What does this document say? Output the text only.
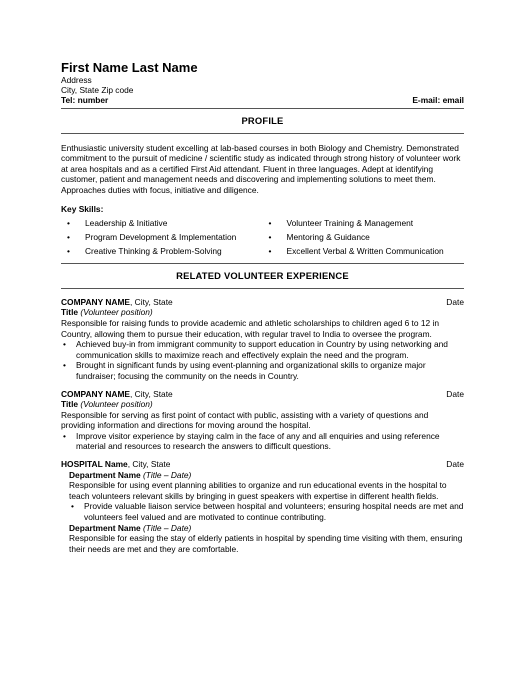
First Name Last Name
Address
City, State Zip code
Tel: number	E-mail: email
PROFILE

Enthusiastic university student excelling at lab-based courses in both Biology and Chemistry. Demonstrated commitment to the pursuit of medicine / scientific study as indicated through strong history of volunteer work at area hospitals and as a certified First Aid attendant. Fluent in three languages. Adept at identifying customer, patient and management needs and discovering and implementing solutions to meet them. Approaches duties with focus, initiative and diligence.

Key Skills:
• Leadership & Initiative
• Program Development & Implementation
• Creative Thinking & Problem-Solving
• Volunteer Training & Management
• Mentoring & Guidance
• Excellent Verbal & Written Communication
RELATED VOLUNTEER EXPERIENCE
COMPANY NAME, City, State	Date
Title (Volunteer position)
Responsible for raising funds to provide academic and athletic scholarships to children aged 6 to 12 in Country, allowing them to pursue their education, with regular travel to India to oversee the program.
• Achieved buy-in from immigrant community to support education in Country by using networking and communication skills to maximize reach and effectively explain the need and the program.
• Brought in significant funds by using event-planning and organizational skills to organize major fundraiser; focusing the community on the needs in Country.
COMPANY NAME, City, State	Date
Title (Volunteer position)
Responsible for serving as first point of contact with public, assisting with a variety of questions and providing information and directions for moving around the hospital.
• Improve visitor experience by staying calm in the face of any and all enquiries and using reference material and resources to research the answers to difficult questions.
HOSPITAL Name, City, State	Date
Department Name (Title – Date)
Responsible for using event planning abilities to organize and run educational events in the hospital to teach volunteers relevant skills by bringing in guest speakers with expertise in different health fields.
• Provide valuable liaison service between hospital and volunteers; ensuring hospital needs are met and volunteers feel valued and are motivated to continue contributing.
Department Name (Title – Date)
Responsible for easing the stay of elderly patients in hospital by spending time visiting with them, ensuring their needs are met and they are comfortable.
